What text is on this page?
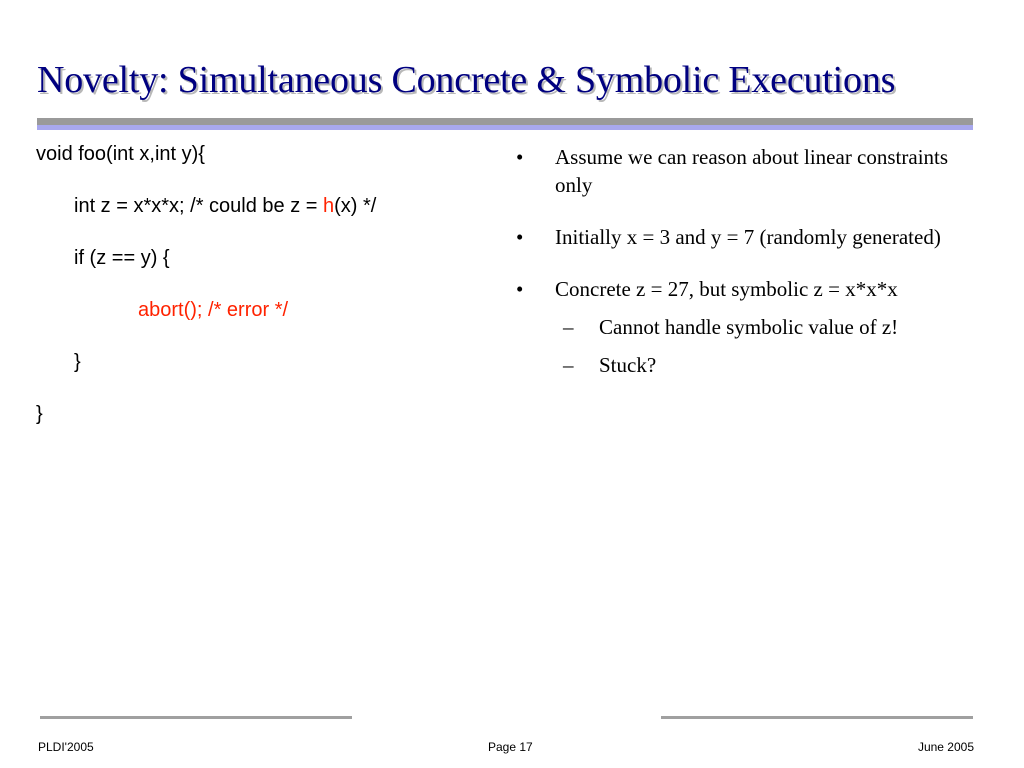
Novelty: Simultaneous Concrete & Symbolic Executions
void foo(int x,int y){
int z = x*x*x; /* could be z = h(x) */
if (z == y) {
abort(); /* error */
}
}
• Assume we can reason about linear constraints only
• Initially x = 3 and y = 7 (randomly generated)
• Concrete z = 27, but symbolic z = x*x*x
– Cannot handle symbolic value of z!
– Stuck?
PLDI'2005	Page 17	June 2005
